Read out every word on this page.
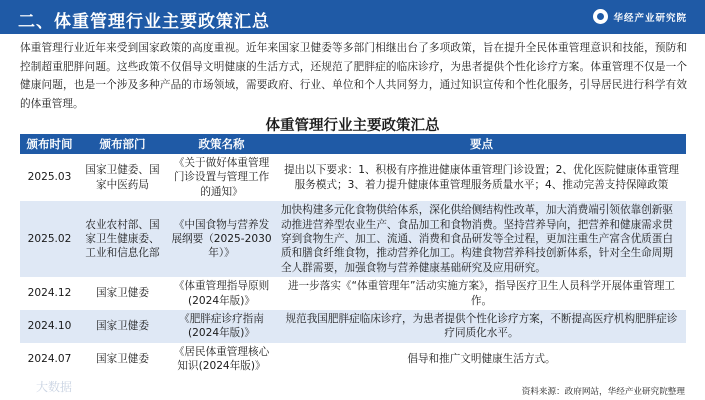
二、体重管理行业主要政策汇总	华经产业研究院
体重管理行业近年来受到国家政策的高度重视。近年来国家卫健委等多部门相继出台了多项政策，旨在提升全民体重管理意识和技能，预防和控制超重肥胖问题。这些政策不仅倡导文明健康的生活方式，还规范了肥胖症的临床诊疗，为患者提供个性化诊疗方案。体重管理不仅是一个健康问题，也是一个涉及多种产品的市场领域，需要政府、行业、单位和个人共同努力，通过知识宣传和个性化服务，引导居民进行科学有效的体重管理。
体重管理行业主要政策汇总
颁布时间	颁布部门	政策名称	要点
2025.03	国家卫健委、国家中医药局	《关于做好体重管理门诊设置与管理工作的通知》	提出以下要求：1、积极有序推进健康体重管理门诊设置；2、优化医院健康体重管理服务模式；3、着力提升健康体重管理服务质量水平；4、推动完善支持保障政策
2025.02	农业农村部、国家卫生健康委、工业和信息化部	《中国食物与营养发展纲要（2025-2030年）》	加快构建多元化食物供给体系，深化供给侧结构性改革，加大消费端引领依靠创新驱动推进营养型农业生产、食品加工和食物消费。坚持营养导向，把营养和健康需求贯穿到食物生产、加工、流通、消费和食品研发等全过程，更加注重生产富含优质蛋白质和膳食纤维食物，推动营养化加工。构建食物营养科技创新体系，针对全生命周期全人群需要，加强食物与营养健康基础研究及应用研究。
2024.12	国家卫健委	《体重管理指导原则(2024年版)》	进一步落实《“体重管理年”活动实施方案》，指导医疗卫生人员科学开展体重管理工作。
2024.10	国家卫健委	《肥胖症诊疗指南(2024年版)》	规范我国肥胖症临床诊疗，为患者提供个性化诊疗方案，不断提高医疗机构肥胖症诊疗同质化水平。
2024.07	国家卫健委	《居民体重管理核心知识(2024年版)》	倡导和推广文明健康生活方式。
大数据	资料来源：政府网站，华经产业研究院整理
